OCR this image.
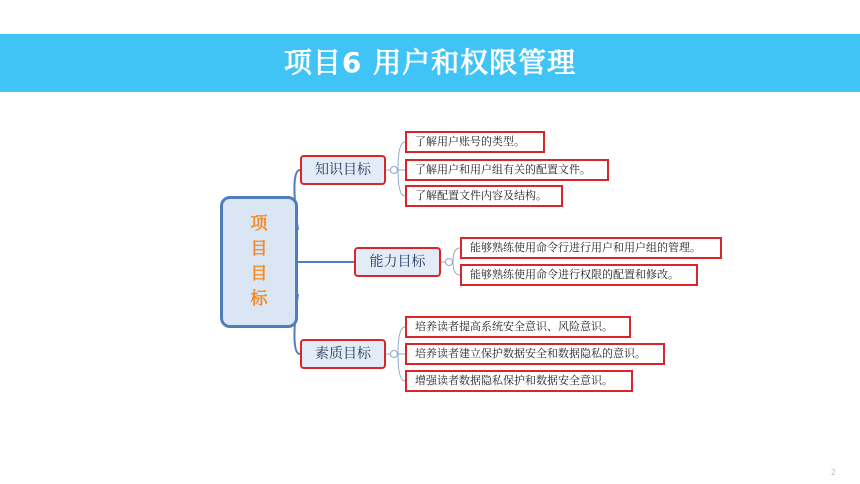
项目6 用户和权限管理
项
目
目
标
知识目标
了解用户账号的类型。
了解用户和用户组有关的配置文件。
了解配置文件内容及结构。
能力目标
能够熟练使用命令行进行用户和用户组的管理。
能够熟练使用命令进行权限的配置和修改。
素质目标
培养读者提高系统安全意识、风险意识。
培养读者建立保护数据安全和数据隐私的意识。
增强读者数据隐私保护和数据安全意识。
2
